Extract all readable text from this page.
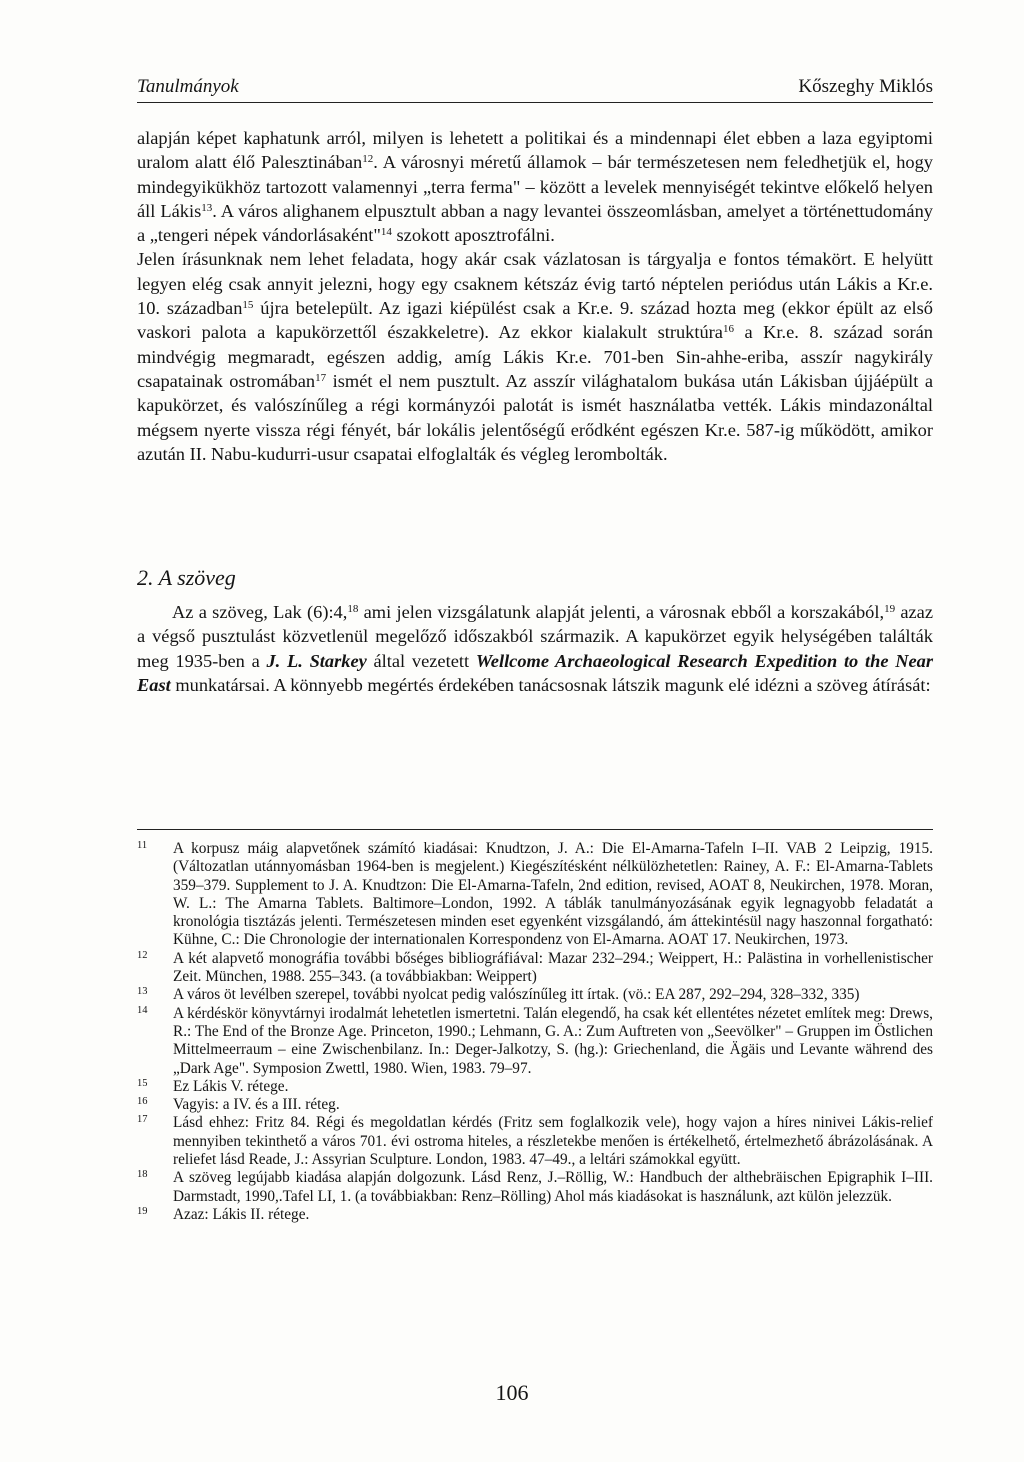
Tanulmányok	Kőszeghy Miklós

alapján képet kaphatunk arról, milyen is lehetett a politikai és a mindennapi élet ebben a laza egyiptomi uralom alatt élő Palesztinában$^{12}$. A városnyi méretű államok – bár természetesen nem feledhetjük el, hogy mindegyikükhöz tartozott valamennyi „terra ferma" – között a levelek mennyiségét tekintve előkelő helyen áll Lákis$^{13}$. A város alighanem elpusztult abban a nagy levantei összeomlásban, amelyet a történettudomány a „tengeri népek vándorlásaként"$^{14}$ szokott aposztrofálni.

Jelen írásunknak nem lehet feladata, hogy akár csak vázlatosan is tárgyalja e fontos témakört. E helyütt legyen elég csak annyit jelezni, hogy egy csaknem kétszáz évig tartó néptelen periódus után Lákis a Kr.e. 10. században$^{15}$ újra betelepült. Az igazi kiépülést csak a Kr.e. 9. század hozta meg (ekkor épült az első vaskori palota a kapukörzettől északkeletre). Az ekkor kialakult struktúra$^{16}$ a Kr.e. 8. század során mindvégig megmaradt, egészen addig, amíg Lákis Kr.e. 701-ben Sin-ahhe-eriba, asszír nagykirály csapatainak ostromában$^{17}$ ismét el nem pusztult. Az asszír világhatalom bukása után Lákisban újjáépült a kapukörzet, és valószínűleg a régi kormányzói palotát is ismét használatba vették. Lákis mindazonáltal mégsem nyerte vissza régi fényét, bár lokális jelentőségű erődként egészen Kr.e. 587-ig működött, amikor azután II. Nabu-kudurri-usur csapatai elfoglalták és végleg lerombolták.

2. A szöveg

Az a szöveg, Lak (6):4,18 ami jelen vizsgálatunk alapját jelenti, a városnak ebből a korszakából,$^{19}$ azaz a végső pusztulást közvetlenül megelőző időszakból származik. A kapukörzet egyik helységében találták meg 1935-ben a J. L. Starkey által vezetett Wellcome Archaeological Research Expedition to the Near East munkatársai. A könnyebb megértés érdekében tanácsosnak látszik magunk elé idézni a szöveg átírását:

11 A korpusz máig alapvetőnek számító kiadásai: Knudtzon, J. A.: Die El-Amarna-Tafeln I–II. VAB 2 Leipzig, 1915. (Változatlan utánnyomásban 1964-ben is megjelent.) Kiegészítésként nélkülözhetetlen: Rainey, A. F.: El-Amarna-Tablets 359–379. Supplement to J. A. Knudtzon: Die El-Amarna-Tafeln, 2nd edition, revised, AOAT 8, Neukirchen, 1978. Moran, W. L.: The Amarna Tablets. Baltimore–London, 1992. A táblák tanulmányozásának egyik legnagyobb feladatát a kronológia tisztázás jelenti. Természetesen minden eset egyenként vizsgálandó, ám áttekintésül nagy haszonnal forgatható: Kühne, C.: Die Chronologie der internationalen Korrespondenz von El-Amarna. AOAT 17. Neukirchen, 1973.

12 A két alapvető monográfia további bőséges bibliográfiával: Mazar 232–294.; Weippert, H.: Palästina in vorhellenistischer Zeit. München, 1988. 255–343. (a továbbiakban: Weippert)

13 A város öt levélben szerepel, további nyolcat pedig valószínűleg itt írtak. (vö.: EA 287, 292–294, 328–332, 335)

14 A kérdéskör könyvtárnyi irodalmát lehetetlen ismertetni. Talán elegendő, ha csak két ellentétes nézetet említek meg: Drews, R.: The End of the Bronze Age. Princeton, 1990.; Lehmann, G. A.: Zum Auftreten von „Seevölker" – Gruppen im Östlichen Mittelmeerraum – eine Zwischenbilanz. In.: Deger-Jalkotzy, S. (hg.): Griechenland, die Ägäis und Levante während des „Dark Age". Symposion Zwettl, 1980. Wien, 1983. 79–97.

15 Ez Lákis V. rétege.

16 Vagyis: a IV. és a III. réteg.

17 Lásd ehhez: Fritz 84. Régi és megoldatlan kérdés (Fritz sem foglalkozik vele), hogy vajon a híres ninivei Lákis-relief mennyiben tekinthető a város 701. évi ostroma hiteles, a részletekbe menően is értékelhető, értelmezhető ábrázolásának. A reliefet lásd Reade, J.: Assyrian Sculpture. London, 1983. 47–49., a leltári számokkal együtt.

18 A szöveg legújabb kiadása alapján dolgozunk. Lásd Renz, J.–Röllig, W.: Handbuch der althebräischen Epigraphik I–III. Darmstadt, 1990,.Tafel LI, 1. (a továbbiakban: Renz–Rölling) Ahol más kiadásokat is használunk, azt külön jelezzük.

19 Azaz: Lákis II. rétege.

106
